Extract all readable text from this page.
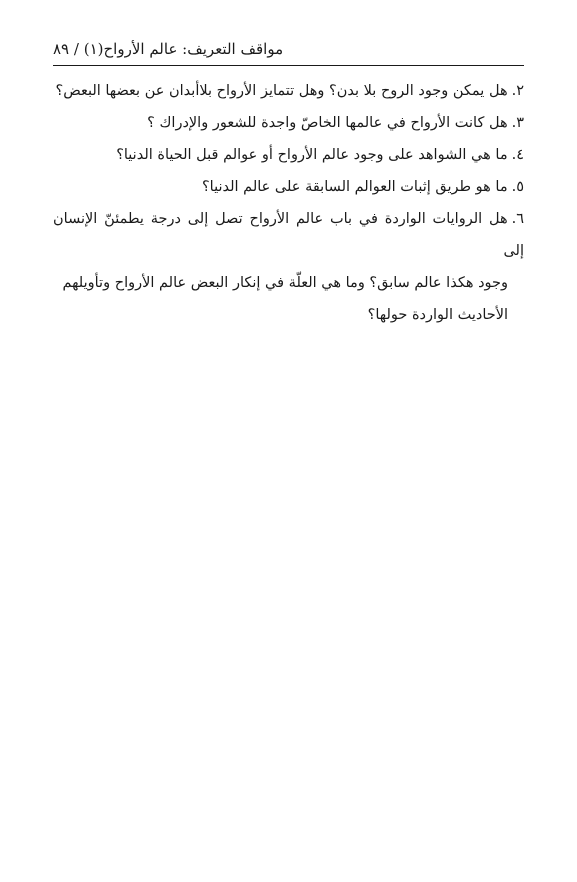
مواقف التعريف: عالم الأرواح(١) / ٨٩
٢.هل يمكن وجود الروح بلا بدن؟ وهل تتمايز الأرواح بلاأبدان عن بعضها البعض؟
٣.هل كانت الأرواح في عالمها الخاصّ واجدة للشعور والإدراك ؟
٤.ما هي الشواهد على وجود عالم الأرواح أو عوالم قبل الحياة الدنيا؟
٥.ما هو طريق إثبات العوالم السابقة على عالم الدنيا؟
٦.هل الروايات الواردة في باب عالم الأرواح تصل إلى درجة يطمئنّ الإنسان إلى
وجود هكذا عالم سابق؟ وما هي العلّة في إنكار البعض عالم الأرواح وتأويلهم
الأحاديث الواردة حولها؟
